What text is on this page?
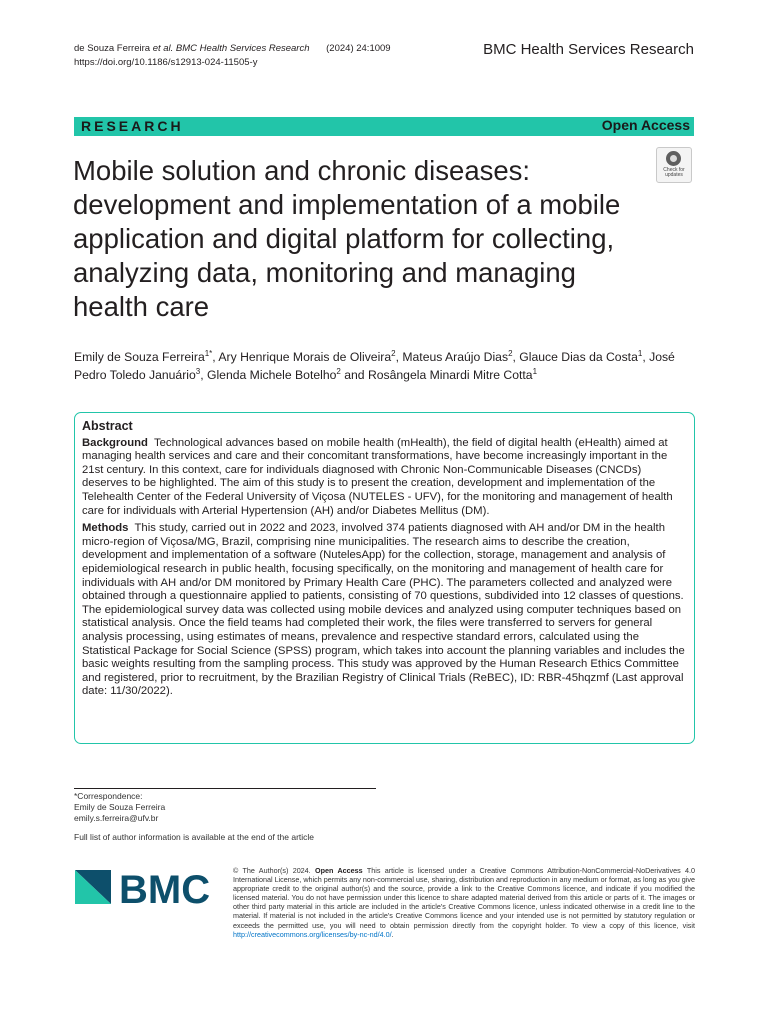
de Souza Ferreira et al. BMC Health Services Research (2024) 24:1009
https://doi.org/10.1186/s12913-024-11505-y
BMC Health Services Research
RESEARCH	Open Access
Mobile solution and chronic diseases:
development and implementation of a mobile
application and digital platform for collecting,
analyzing data, monitoring and managing
health care
Check for
updates
Emily de Souza Ferreira$^{1*}$, Ary Henrique Morais de Oliveira$^2$, Mateus Araújo Dias$^2$, Glauce Dias da Costa$^1$, José Pedro Toledo Januário$^3$, Glenda Michele Botelho$^2$ and Rosângela Minardi Mitre Cotta$^1$
Abstract

Background Technological advances based on mobile health (mHealth), the field of digital health (eHealth) aimed at managing health services and care and their concomitant transformations, have become increasingly important in the 21st century. In this context, care for individuals diagnosed with Chronic Non-Communicable Diseases (CNCDs) deserves to be highlighted. The aim of this study is to present the creation, development and implementation of the Telehealth Center of the Federal University of Viçosa (NUTELES - UFV), for the monitoring and management of health care for individuals with Arterial Hypertension (AH) and/or Diabetes Mellitus (DM).

Methods This study, carried out in 2022 and 2023, involved 374 patients diagnosed with AH and/or DM in the health micro-region of Viçosa/MG, Brazil, comprising nine municipalities. The research aims to describe the creation, development and implementation of a software (NutelesApp) for the collection, storage, management and analysis of epidemiological research in public health, focusing specifically, on the monitoring and management of health care for individuals with AH and/or DM monitored by Primary Health Care (PHC). The parameters collected and analyzed were obtained through a questionnaire applied to patients, consisting of 70 questions, subdivided into 12 classes of questions. The epidemiological survey data was collected using mobile devices and analyzed using computer techniques based on statistical analysis. Once the field teams had completed their work, the files were transferred to servers for general analysis processing, using estimates of means, prevalence and respective standard errors, calculated using the Statistical Package for Social Science (SPSS) program, which takes into account the planning variables and includes the basic weights resulting from the sampling process. This study was approved by the Human Research Ethics Committee and registered, prior to recruitment, by the Brazilian Registry of Clinical Trials (ReBEC), ID: RBR-45hqzmf (Last approval date: 11/30/2022).

*Correspondence:
Emily de Souza Ferreira
emily.s.ferreira@ufv.br
Full list of author information is available at the end of the article
BMC	© The Author(s) 2024. Open Access This article is licensed under a Creative Commons Attribution-NonCommercial-NoDerivatives 4.0 International License, which permits any non-commercial use, sharing, distribution and reproduction in any medium or format, as long as you give appropriate credit to the original author(s) and the source, provide a link to the Creative Commons licence, and indicate if you modified the licensed material. You do not have permission under this licence to share adapted material derived from this article or parts of it. The images or other third party material in this article are included in the article's Creative Commons licence, unless indicated otherwise in a credit line to the material. If material is not included in the article's Creative Commons licence and your intended use is not permitted by statutory regulation or exceeds the permitted use, you will need to obtain permission directly from the copyright holder. To view a copy of this licence, visit http://creativecommons.org/licenses/by-nc-nd/4.0/.
